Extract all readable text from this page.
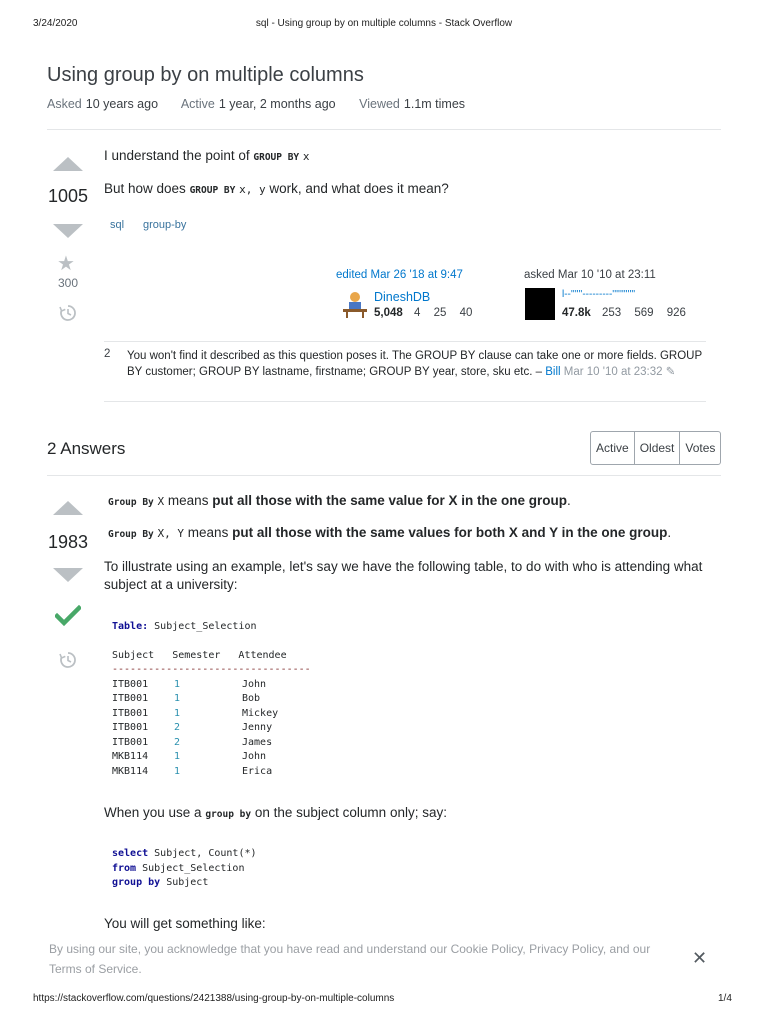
3/24/2020	sql - Using group by on multiple columns - Stack Overflow
Using group by on multiple columns
Asked 10 years ago Active 1 year, 2 months ago Viewed 1.1m times
1005
★
300
I understand the point of GROUP BY x
But how does GROUP BY x, y work, and what does it mean?
sql group-by
edited Mar 26 '18 at 9:47
DineshDB
5,048 4 25 40
asked Mar 10 '10 at 23:11
l--''''''---------''''''''''''
47.8k 253 569 926
2 You won't find it described as this question poses it. The GROUP BY clause can take one or more fields. GROUP BY customer; GROUP BY lastname, firstname; GROUP BY year, store, sku etc. – Bill Mar 10 '10 at 23:32 ✎
2 Answers	Active Oldest Votes
1983
Group By X means put all those with the same value for X in the one group.
Group By X, Y means put all those with the same values for both X and Y in the one group.
To illustrate using an example, let's say we have the following table, to do with who is attending what subject at a university:
Table: Subject_Selection
Subject   Semester   Attendee
---------------------------------
ITB001	1	John
ITB001	1	Bob
ITB001	1	Mickey
ITB001	2	Jenny
ITB001	2	James
MKB114	1	John
MKB114	1	Erica
When you use a group by on the subject column only; say:
select Subject, Count(*)
from Subject_Selection
group by Subject
You will get something like:
By using our site, you acknowledge that you have read and understand our Cookie Policy, Privacy Policy, and our Terms of Service.
✕
https://stackoverflow.com/questions/2421388/using-group-by-on-multiple-columns	1/4
